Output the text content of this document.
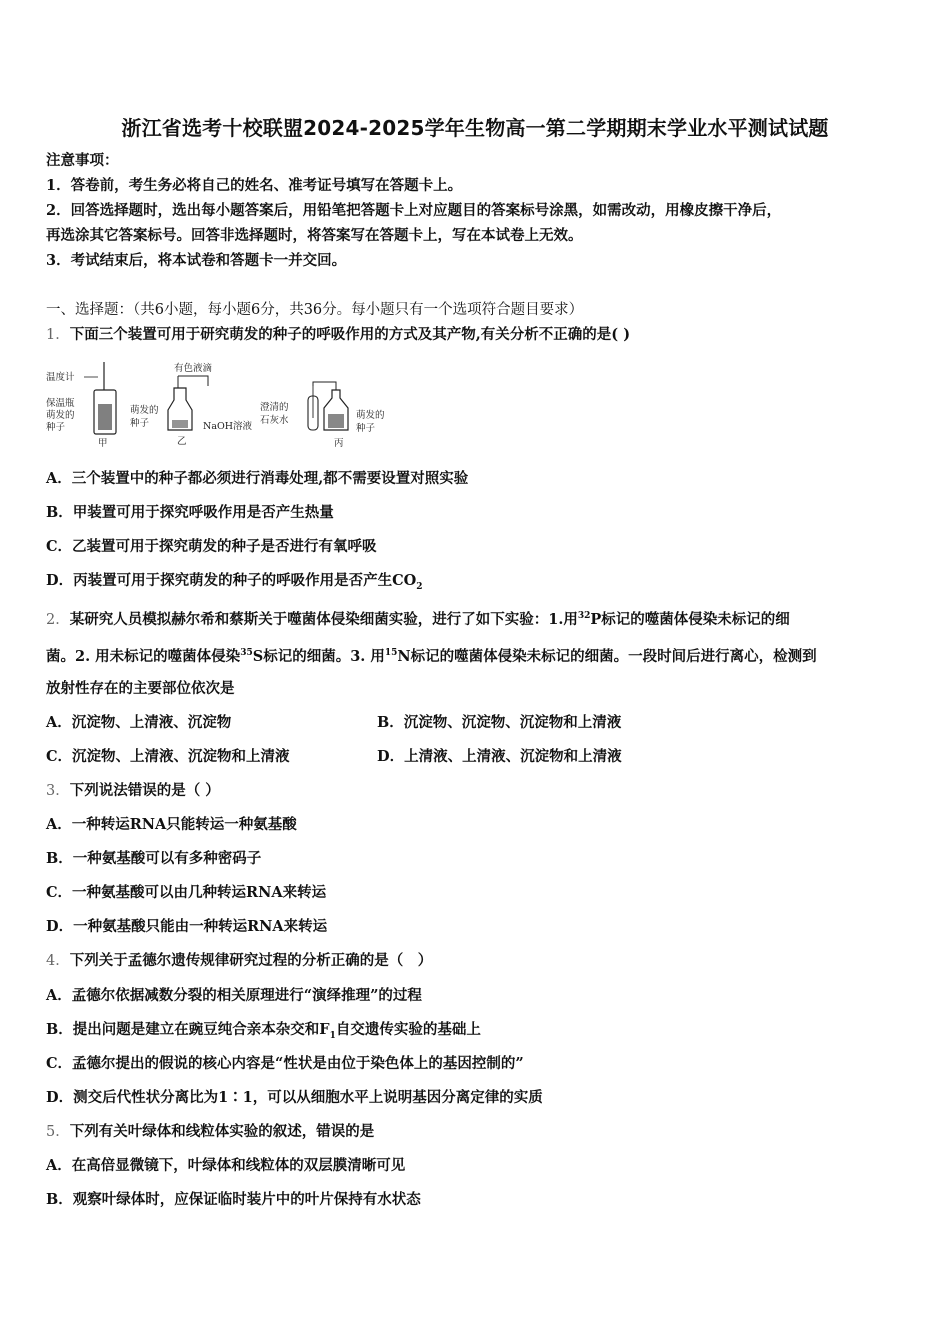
浙江省选考十校联盟2024-2025学年生物高一第二学期期末学业水平测试试题
注意事项：
1．答卷前，考生务必将自己的姓名、准考证号填写在答题卡上。
2．回答选择题时，选出每小题答案后，用铅笔把答题卡上对应题目的答案标号涂黑，如需改动，用橡皮擦干净后，
再选涂其它答案标号。回答非选择题时，将答案写在答题卡上，写在本试卷上无效。
3．考试结束后，将本试卷和答题卡一并交回。
一、选择题：（共6小题，每小题6分，共36分。每小题只有一个选项符合题目要求）
1．下面三个装置可用于研究萌发的种子的呼吸作用的方式及其产物,有关分析不正确的是( )
温度计
保温瓶
萌发的
种子
甲
有色液滴
萌发的
种子	NaOH溶液
乙
澄清的
石灰水	萌发的
种子
丙
A．三个装置中的种子都必须进行消毒处理,都不需要设置对照实验
B．甲装置可用于探究呼吸作用是否产生热量
C．乙装置可用于探究萌发的种子是否进行有氧呼吸
D．丙装置可用于探究萌发的种子的呼吸作用是否产生$CO_2$
2．某研究人员模拟赫尔希和蔡斯关于噬菌体侵染细菌实验，进行了如下实验：1.用$^{32}$P标记的噬菌体侵染未标记的细
菌。2. 用未标记的噬菌体侵染$^{35}$S标记的细菌。3. 用$^{15}$N标记的噬菌体侵染未标记的细菌。一段时间后进行离心，检测到
放射性存在的主要部位依次是
A．沉淀物、上清液、沉淀物	B．沉淀物、沉淀物、沉淀物和上清液
C．沉淀物、上清液、沉淀物和上清液	D．上清液、上清液、沉淀物和上清液
3．下列说法错误的是（ ）
A．一种转运RNA只能转运一种氨基酸
B．一种氨基酸可以有多种密码子
C．一种氨基酸可以由几种转运RNA来转运
D．一种氨基酸只能由一种转运RNA来转运
4．下列关于孟德尔遗传规律研究过程的分析正确的是（　）
A．孟德尔依据减数分裂的相关原理进行“演绎推理”的过程
B．提出问题是建立在豌豆纯合亲本杂交和$F_1$自交遗传实验的基础上
C．孟德尔提出的假说的核心内容是“性状是由位于染色体上的基因控制的”
D．测交后代性状分离比为1∶1，可以从细胞水平上说明基因分离定律的实质
5．下列有关叶绿体和线粒体实验的叙述，错误的是
A．在高倍显微镜下，叶绿体和线粒体的双层膜清晰可见
B．观察叶绿体时，应保证临时装片中的叶片保持有水状态
